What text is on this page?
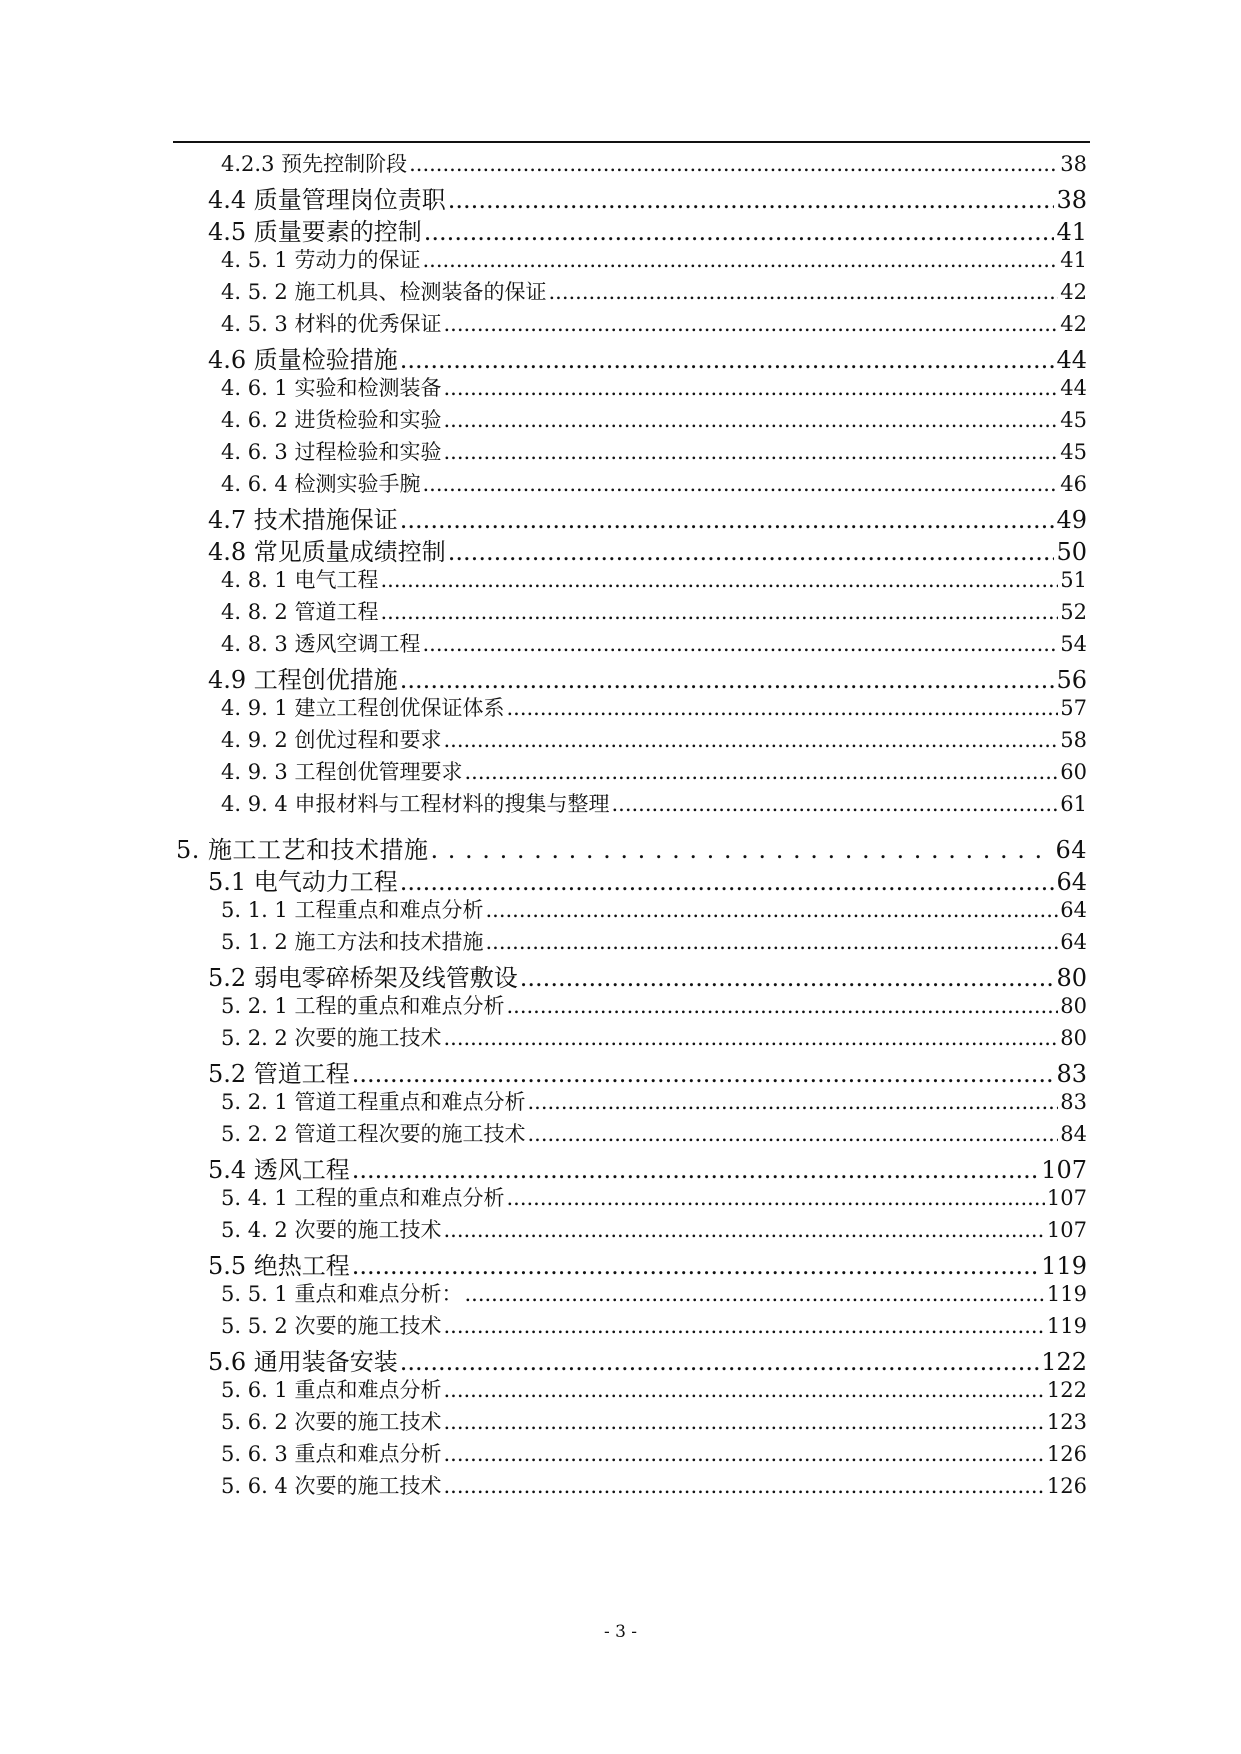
4.2.3 预先控制阶段 .....	38
4.4 质量管理岗位责职 .....	38
4.5 质量要素的控制 .....	41
4. 5. 1 劳动力的保证 .....	41
4. 5. 2 施工机具、检测装备的保证 .....	42
4. 5. 3 材料的优秀保证 .....	42
4.6 质量检验措施 .....	44
4. 6. 1 实验和检测装备 .....	44
4. 6. 2 进货检验和实验 .....	45
4. 6. 3 过程检验和实验 .....	45
4. 6. 4 检测实验手腕 .....	46
4.7 技术措施保证 .....	49
4.8 常见质量成绩控制 .....	50
4. 8. 1 电气工程 .....	51
4. 8. 2 管道工程 .....	52
4. 8. 3 透风空调工程 .....	54
4.9 工程创优措施 .....	56
4. 9. 1 建立工程创优保证体系 .....	57
4. 9. 2 创优过程和要求 .....	58
4. 9. 3 工程创优管理要求 .....	60
4. 9. 4 申报材料与工程材料的搜集与整理 .....	61
5. 施工工艺和技术措施 . . .	64
5.1 电气动力工程 .....	64
5. 1. 1 工程重点和难点分析 .....	64
5. 1. 2 施工方法和技术措施 .....	64
5.2 弱电零碎桥架及线管敷设 .....	80
5. 2. 1 工程的重点和难点分析 .....	80
5. 2. 2 次要的施工技术 .....	80
5.2 管道工程 .....	83
5. 2. 1 管道工程重点和难点分析 .....	83
5. 2. 2 管道工程次要的施工技术 .....	84
5.4 透风工程 .....	107
5. 4. 1 工程的重点和难点分析 .....	107
5. 4. 2 次要的施工技术 .....	107
5.5 绝热工程 .....	119
5. 5. 1 重点和难点分析： .....	119
5. 5. 2 次要的施工技术 .....	119
5.6 通用装备安装 .....	122
5. 6. 1 重点和难点分析 .....	122
5. 6. 2 次要的施工技术 .....	123
5. 6. 3 重点和难点分析 .....	126
5. 6. 4 次要的施工技术 .....	126
- 3 -
